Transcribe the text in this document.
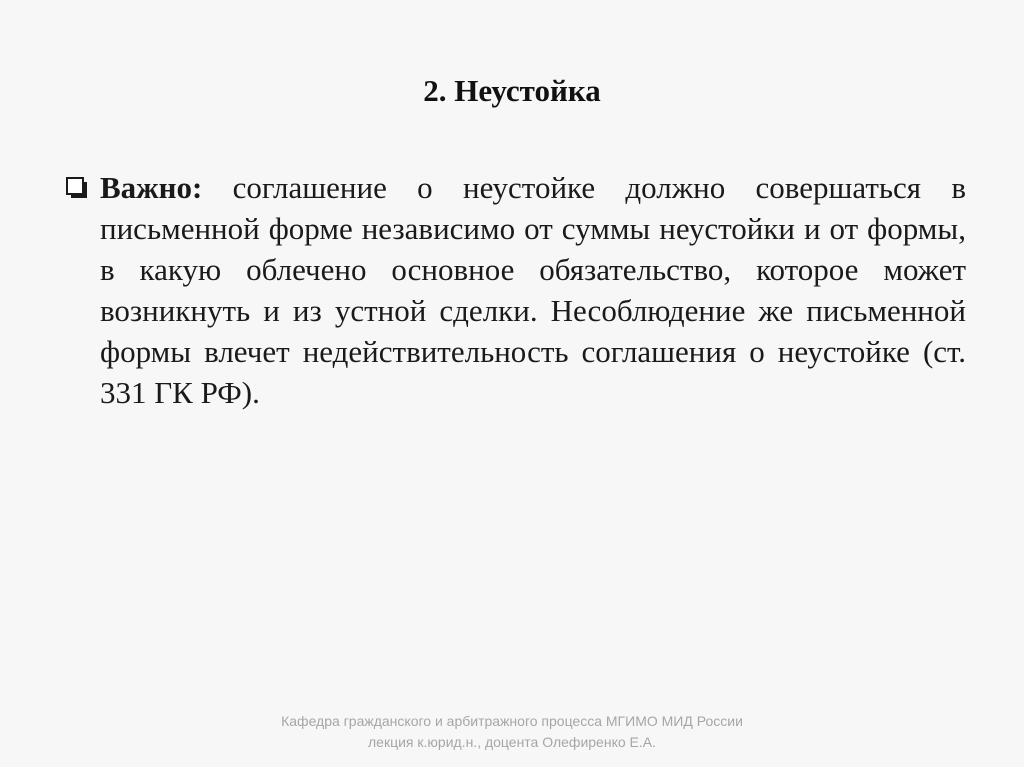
2. Неустойка
Важно: соглашение о неустойке должно совершаться в письменной форме независимо от суммы неустойки и от формы, в какую облечено основное обязательство, которое может возникнуть и из устной сделки. Несоблюдение же письменной формы влечет недействительность соглашения о неустойке (ст. 331 ГК РФ).
Кафедра гражданского и арбитражного процесса МГИМО МИД России
лекция к.юрид.н., доцента Олефиренко Е.А.
